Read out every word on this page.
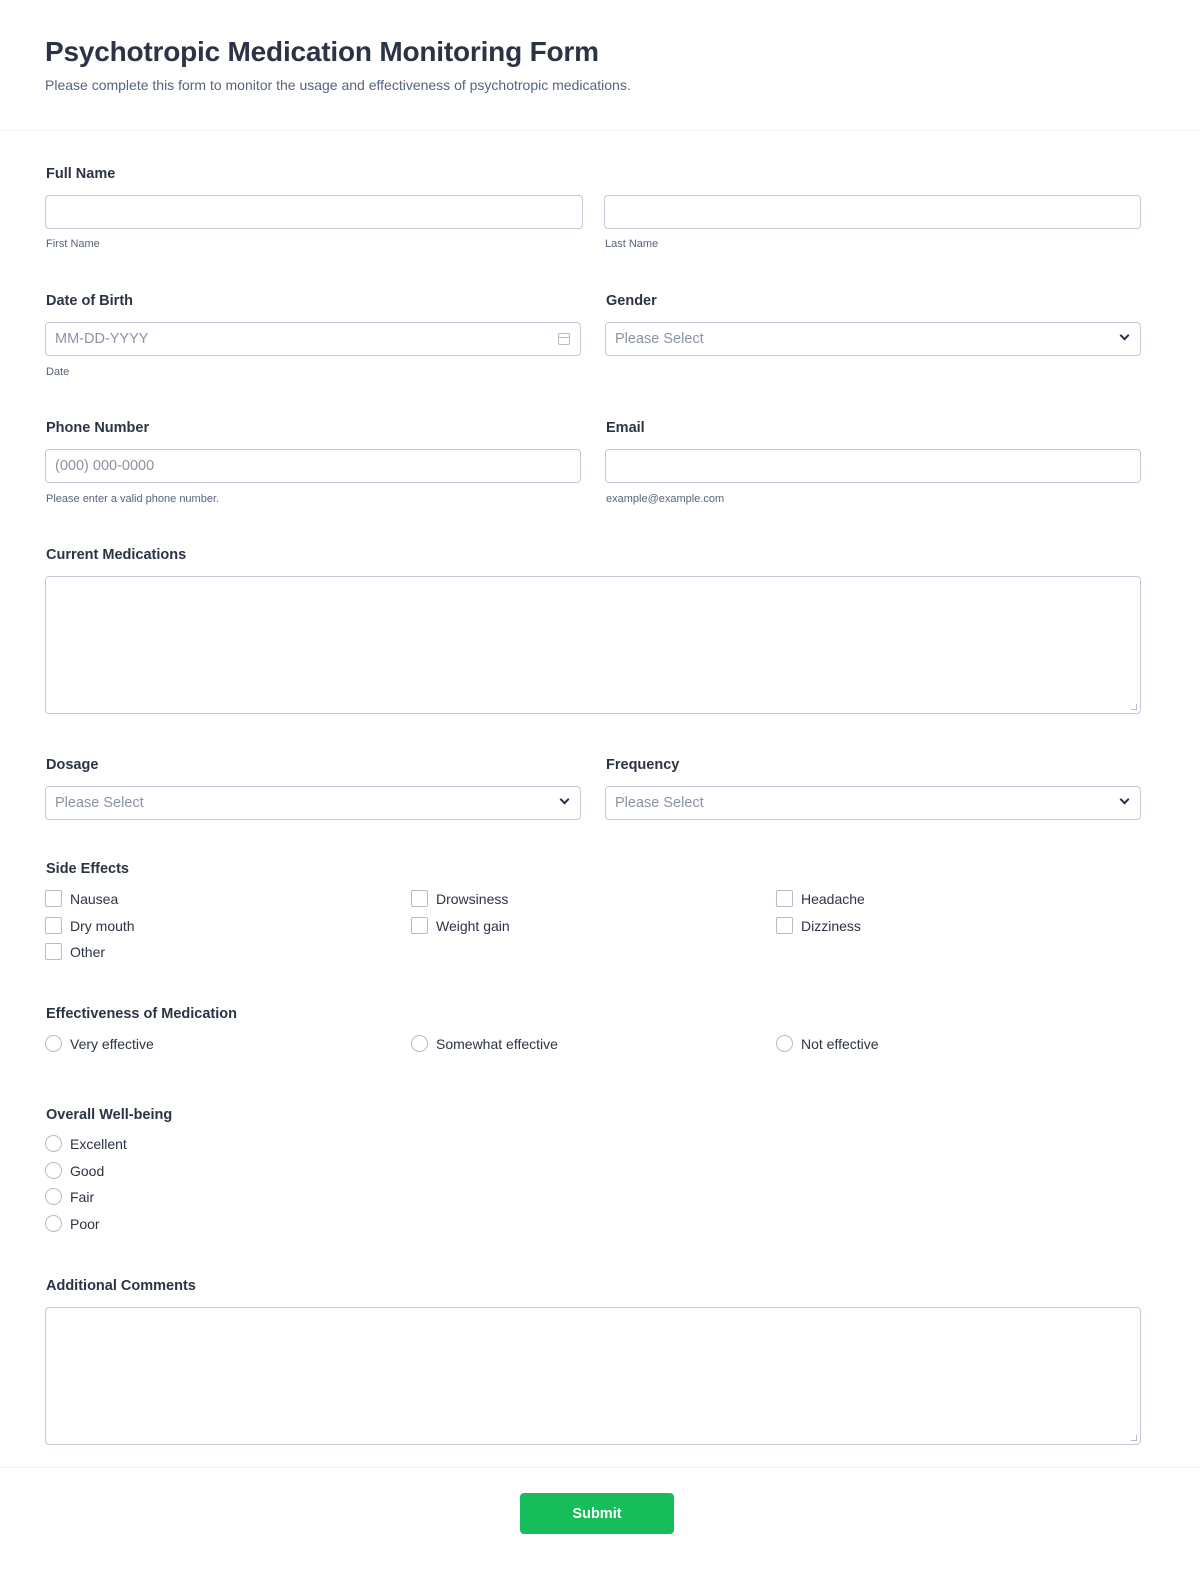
Psychotropic Medication Monitoring Form
Please complete this form to monitor the usage and effectiveness of psychotropic medications.
Full Name
First Name	Last Name
Date of Birth
MM-DD-YYYY
Date
Gender
Please Select
Phone Number
(000) 000-0000
Please enter a valid phone number.
Email
example@example.com
Current Medications
Dosage
Please Select
Frequency
Please Select
Side Effects
Nausea	Drowsiness	Headache
Dry mouth	Weight gain	Dizziness
Other
Effectiveness of Medication
Very effective	Somewhat effective	Not effective
Overall Well-being
Excellent
Good
Fair
Poor
Additional Comments
Submit
